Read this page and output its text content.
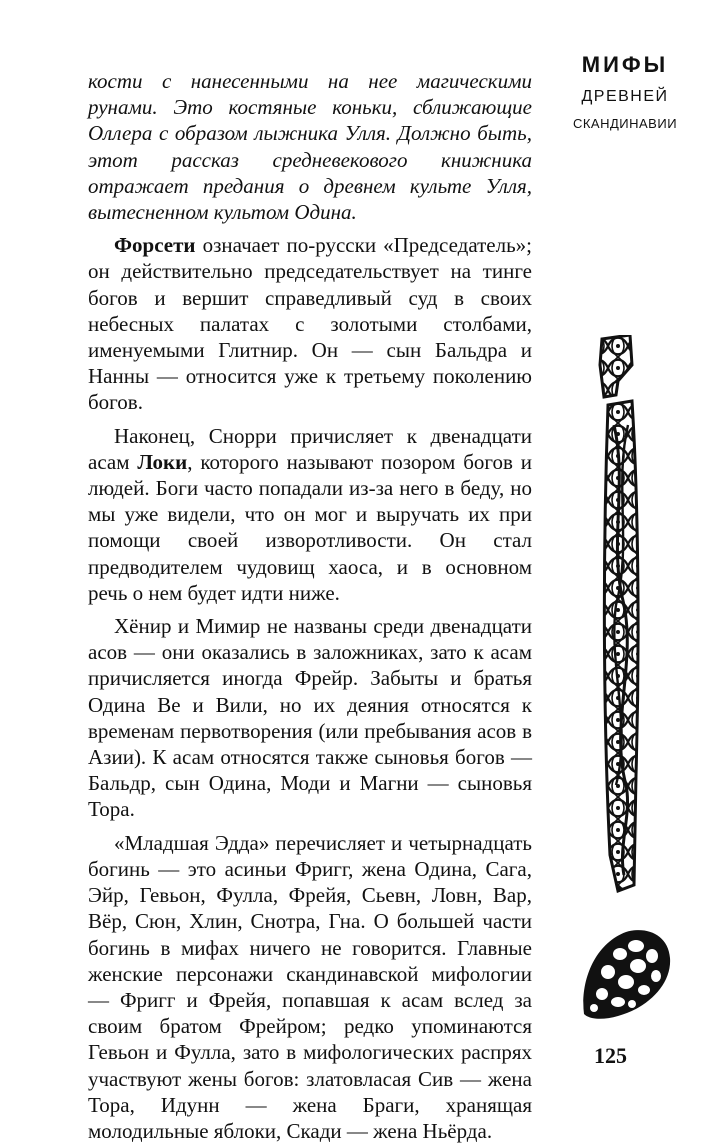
МИФЫ
ДРЕВНЕЙ
СКАНДИНАВИИ

кости с нанесенными на нее магическими рунами. Это костяные коньки, сближающие Оллера с образом лыжника Улля. Должно быть, этот рассказ средневекового книжника отражает предания о древнем культе Улля, вытесненном культом Одина.

Форсети означает по-русски «Председатель»; он действительно председательствует на тинге богов и вершит справедливый суд в своих небесных палатах с золотыми столбами, именуемыми Глитнир. Он — сын Бальдра и Нанны — относится уже к третьему поколению богов.

Наконец, Снорри причисляет к двенадцати асам Локи, которого называют позором богов и людей. Боги часто попадали из-за него в беду, но мы уже видели, что он мог и выручать их при помощи своей изворотливости. Он стал предводителем чудовищ хаоса, и в основном речь о нем будет идти ниже.

Хёнир и Мимир не названы среди двенадцати асов — они оказались в заложниках, зато к асам причисляется иногда Фрейр. Забыты и братья Одина Ве и Вили, но их деяния относятся к временам первотворения (или пребывания асов в Азии). К асам относятся также сыновья богов — Бальдр, сын Одина, Моди и Магни — сыновья Тора.

«Младшая Эдда» перечисляет и четырнадцать богинь — это асиньи Фригг, жена Одина, Сага, Эйр, Гевьон, Фулла, Фрейя, Сьевн, Ловн, Вар, Вёр, Сюн, Хлин, Снотра, Гна. О большей части богинь в мифах ничего не говорится. Главные женские персонажи скандинавской мифологии — Фригг и Фрейя, попавшая к асам вслед за своим братом Фрейром; редко упоминаются Гевьон и Фулла, зато в мифологических распрях участвуют жены богов: златовласая Сив — жена Тора, Идунн — жена Браги, хранящая молодильные яблоки, Скади — жена Ньёрда.

125
